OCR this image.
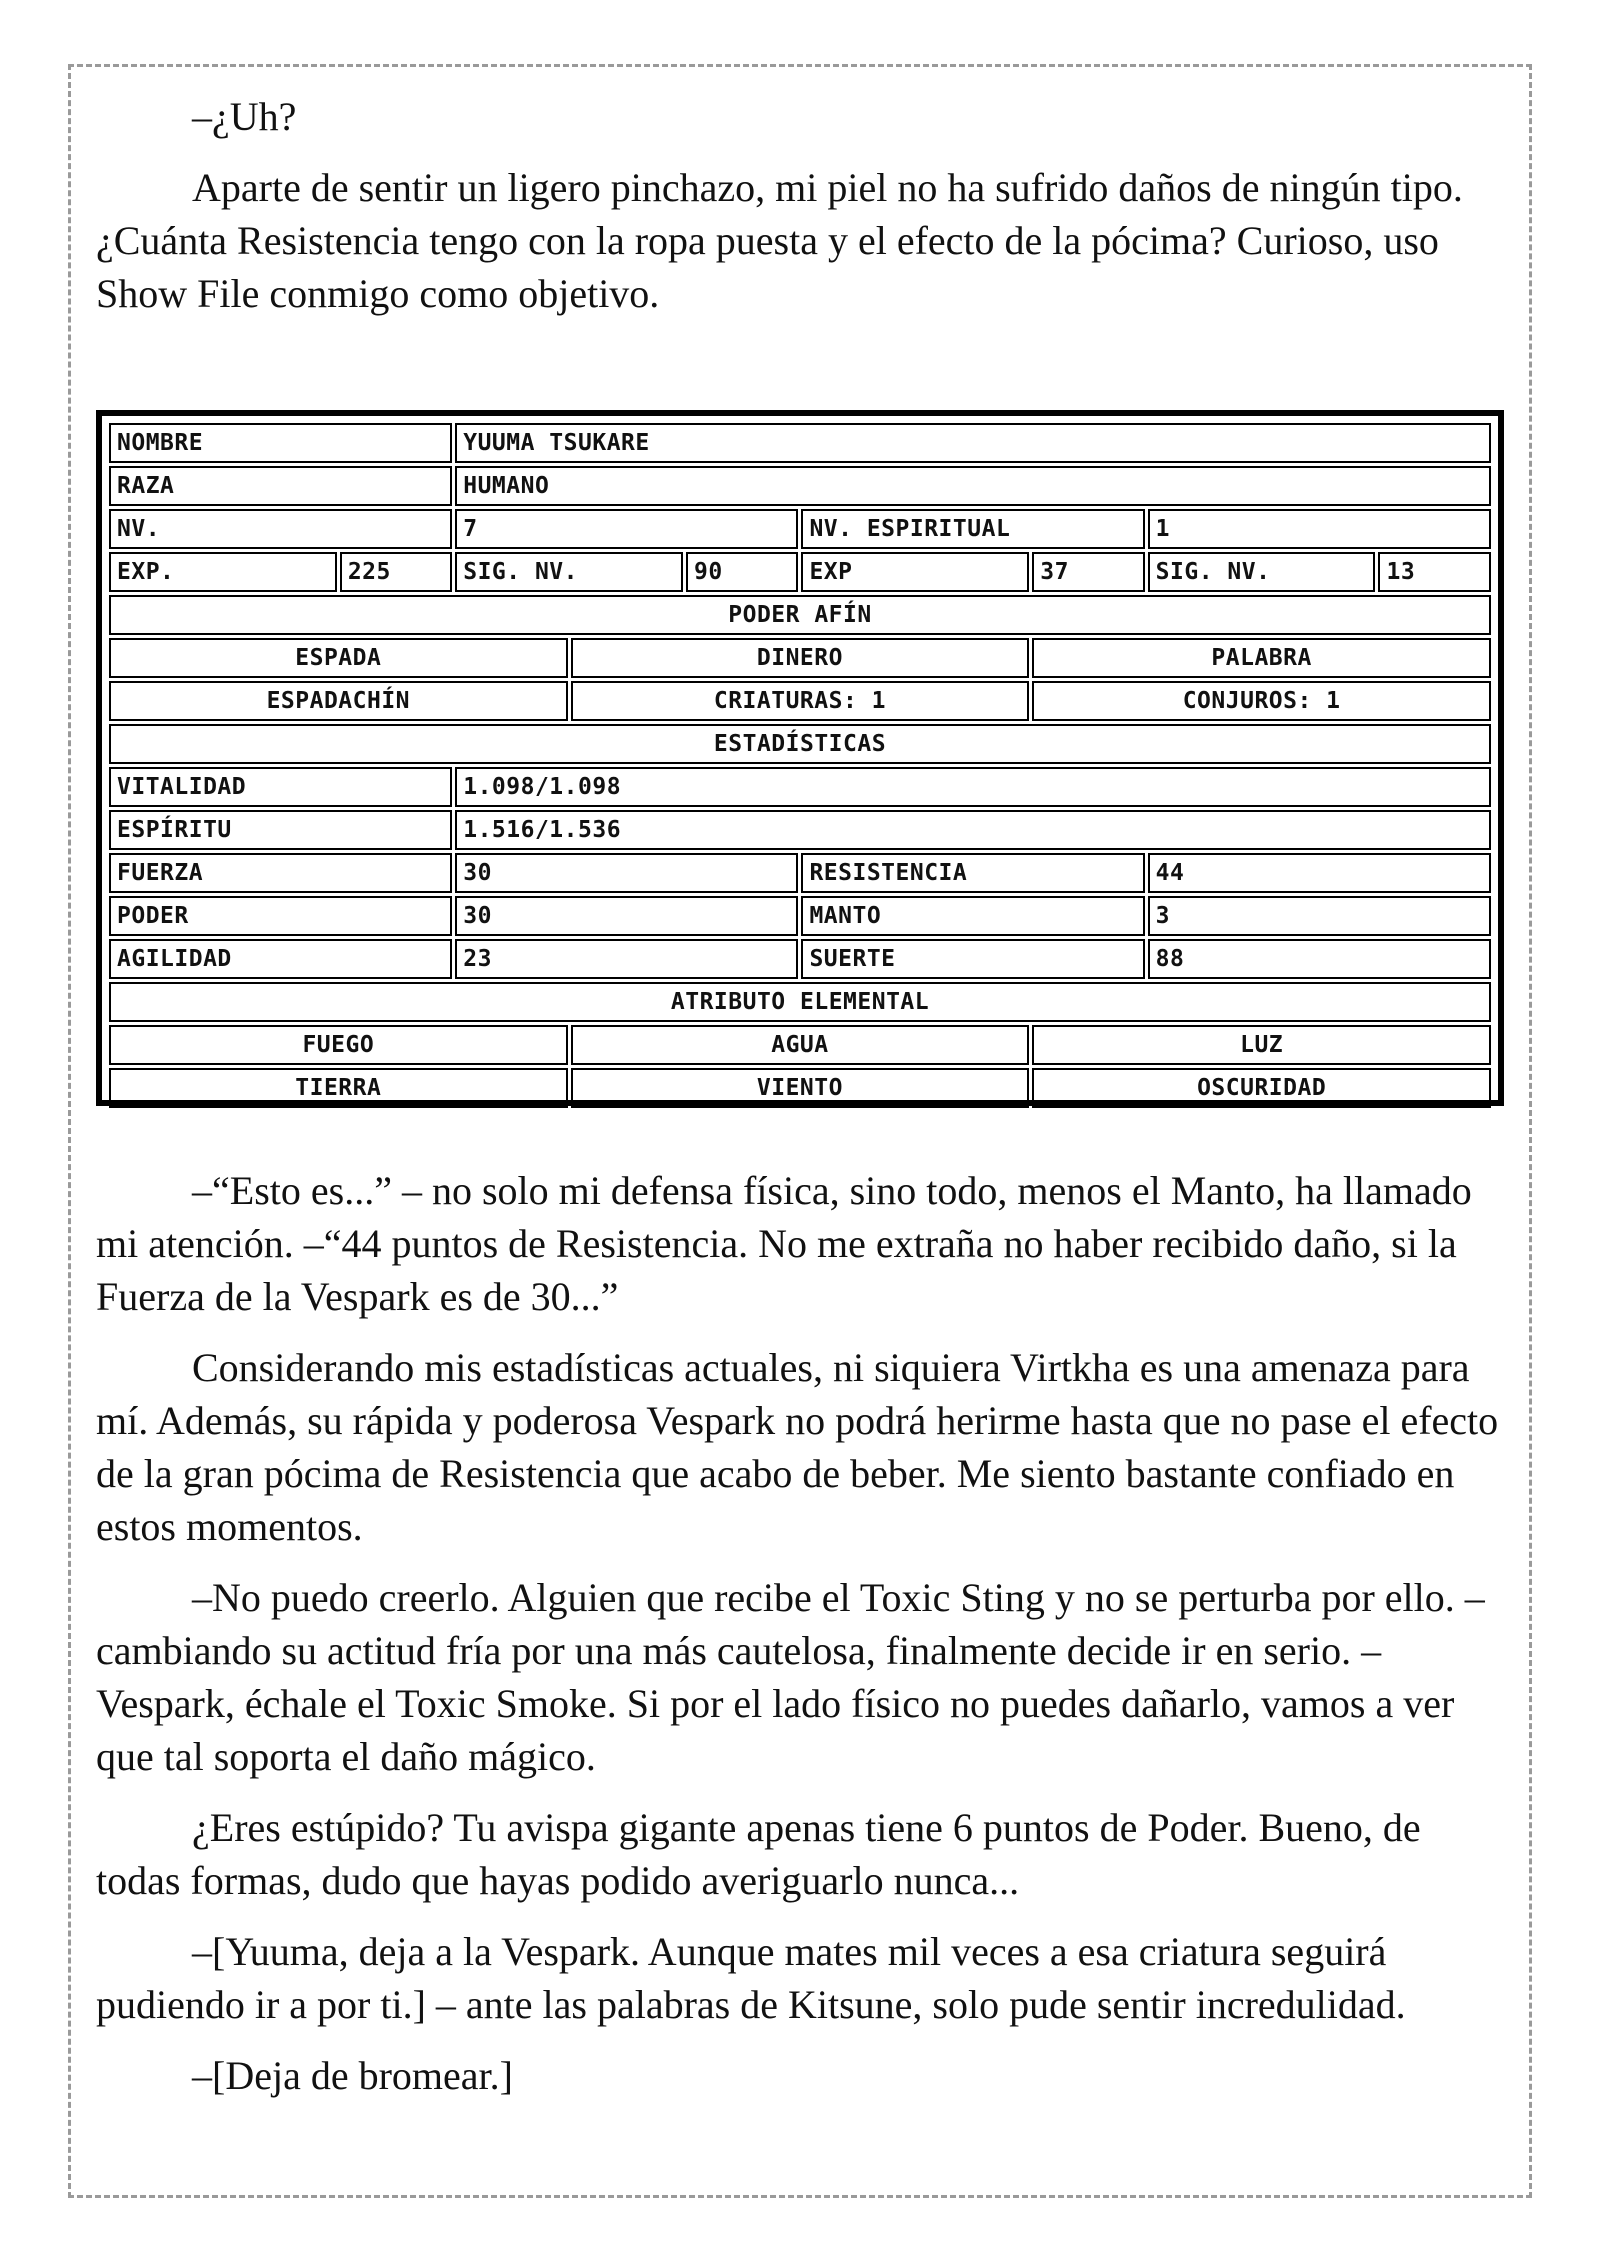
–¿Uh?

Aparte de sentir un ligero pinchazo, mi piel no ha sufrido daños de ningún tipo. ¿Cuánta Resistencia tengo con la ropa puesta y el efecto de la pócima? Curioso, uso Show File conmigo como objetivo.

NOMBRE		YUUMA TSUKARE						
RAZA		HUMANO						
NV.		7			NV. ESPIRITUAL		1	
EXP.	225	SIG. NV.		90	EXP	37	SIG. NV.	13
PODER AFÍN								
ESPADA			DINERO			PALABRA		
ESPADACHÍN			CRIATURAS: 1			CONJUROS: 1		
ESTADÍSTICAS								
VITALIDAD		1.098/1.098						
ESPÍRITU		1.516/1.536						
FUERZA		30			RESISTENCIA		44	
PODER		30			MANTO		3	
AGILIDAD		23			SUERTE		88	
ATRIBUTO ELEMENTAL								
FUEGO			AGUA			LUZ		
TIERRA			VIENTO			OSCURIDAD		

–“Esto es...” – no solo mi defensa física, sino todo, menos el Manto, ha llamado mi atención. –“44 puntos de Resistencia. No me extraña no haber recibido daño, si la Fuerza de la Vespark es de 30...”

Considerando mis estadísticas actuales, ni siquiera Virtkha es una amenaza para mí. Además, su rápida y poderosa Vespark no podrá herirme hasta que no pase el efecto de la gran pócima de Resistencia que acabo de beber. Me siento bastante confiado en estos momentos.

–No puedo creerlo. Alguien que recibe el Toxic Sting y no se perturba por ello. – cambiando su actitud fría por una más cautelosa, finalmente decide ir en serio. –Vespark, échale el Toxic Smoke. Si por el lado físico no puedes dañarlo, vamos a ver que tal soporta el daño mágico.

¿Eres estúpido? Tu avispa gigante apenas tiene 6 puntos de Poder. Bueno, de todas formas, dudo que hayas podido averiguarlo nunca...

–[Yuuma, deja a la Vespark. Aunque mates mil veces a esa criatura seguirá pudiendo ir a por ti.] – ante las palabras de Kitsune, solo pude sentir incredulidad.

–[Deja de bromear.]
